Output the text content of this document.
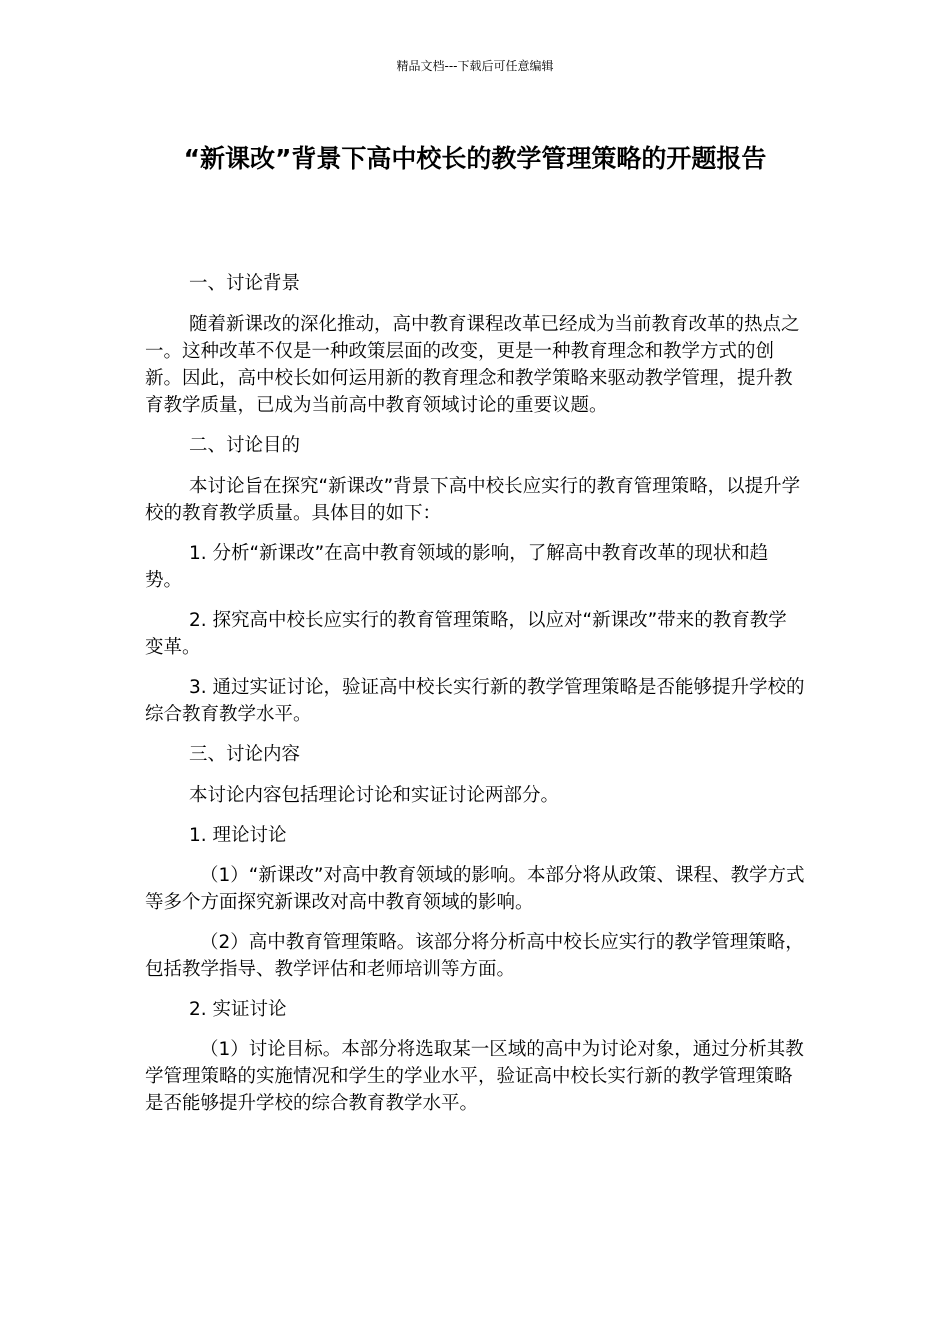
精品文档---下载后可任意编辑
“新课改”背景下高中校长的教学管理策略的开题报告

一、讨论背景

随着新课改的深化推动，高中教育课程改革已经成为当前教育改革的热点之一。这种改革不仅是一种政策层面的改变，更是一种教育理念和教学方式的创新。因此，高中校长如何运用新的教育理念和教学策略来驱动教学管理，提升教育教学质量，已成为当前高中教育领域讨论的重要议题。

二、讨论目的

本讨论旨在探究“新课改”背景下高中校长应实行的教育管理策略，以提升学校的教育教学质量。具体目的如下：

1. 分析“新课改”在高中教育领域的影响，了解高中教育改革的现状和趋势。

2. 探究高中校长应实行的教育管理策略，以应对“新课改”带来的教育教学变革。

3. 通过实证讨论，验证高中校长实行新的教学管理策略是否能够提升学校的综合教育教学水平。

三、讨论内容

本讨论内容包括理论讨论和实证讨论两部分。

1. 理论讨论

（1）“新课改”对高中教育领域的影响。本部分将从政策、课程、教学方式等多个方面探究新课改对高中教育领域的影响。

（2）高中教育管理策略。该部分将分析高中校长应实行的教学管理策略，包括教学指导、教学评估和老师培训等方面。

2. 实证讨论

（1）讨论目标。本部分将选取某一区域的高中为讨论对象，通过分析其教学管理策略的实施情况和学生的学业水平，验证高中校长实行新的教学管理策略是否能够提升学校的综合教育教学水平。
